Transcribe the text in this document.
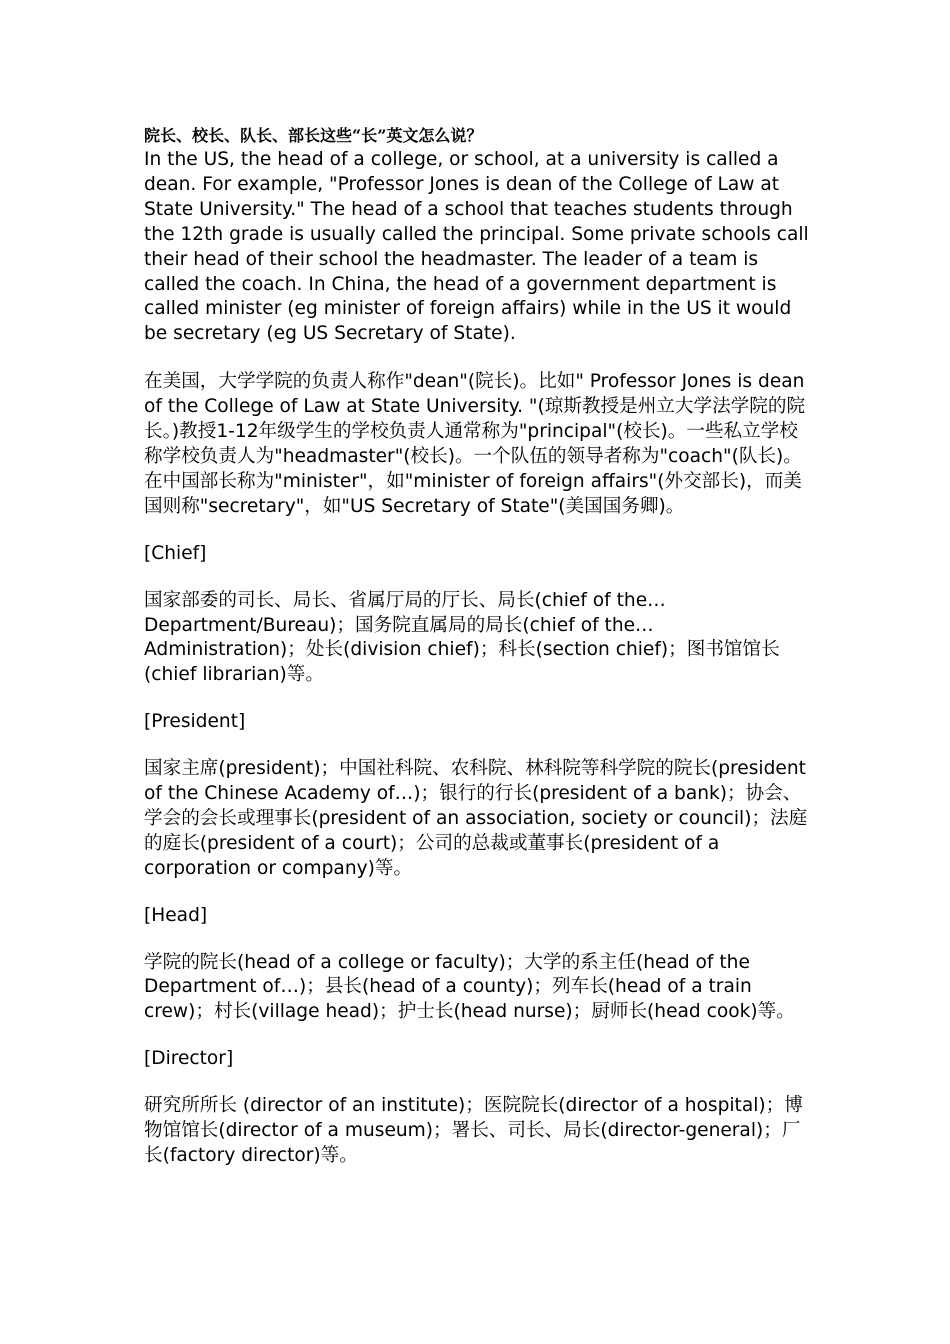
院长、校长、队长、部长这些“长”英文怎么说？

In the US, the head of a college, or school, at a university is called a dean. For example, "Professor Jones is dean of the College of Law at State University." The head of a school that teaches students through the 12th grade is usually called the principal. Some private schools call their head of their school the headmaster. The leader of a team is called the coach. In China, the head of a government department is called minister (eg minister of foreign affairs) while in the US it would be secretary (eg US Secretary of State).

在美国，大学学院的负责人称作"dean"(院长)。比如" Professor Jones is dean of the College of Law at State University. "(琼斯教授是州立大学法学院的院长。)教授1-12年级学生的学校负责人通常称为"principal"(校长)。一些私立学校称学校负责人为"headmaster"(校长)。一个队伍的领导者称为"coach"(队长)。在中国部长称为"minister"，如"minister of foreign affairs"(外交部长)，而美国则称"secretary"，如"US Secretary of State"(美国国务卿)。

[Chief]

国家部委的司长、局长、省属厅局的厅长、局长(chief of the…Department/Bureau)；国务院直属局的局长(chief of the…Administration)；处长(division chief)；科长(section chief)；图书馆馆长(chief librarian)等。

[President]

国家主席(president)；中国社科院、农科院、林科院等科学院的院长(president of the Chinese Academy of…)；银行的行长(president of a bank)；协会、学会的会长或理事长(president of an association, society or council)；法庭的庭长(president of a court)；公司的总裁或董事长(president of a corporation or company)等。

[Head]

学院的院长(head of a college or faculty)；大学的系主任(head of the Department of…)；县长(head of a county)；列车长(head of a train crew)；村长(village head)；护士长(head nurse)；厨师长(head cook)等。

[Director]

研究所所长 (director of an institute)；医院院长(director of a hospital)；博物馆馆长(director of a museum)；署长、司长、局长(director-general)；厂长(factory director)等。
